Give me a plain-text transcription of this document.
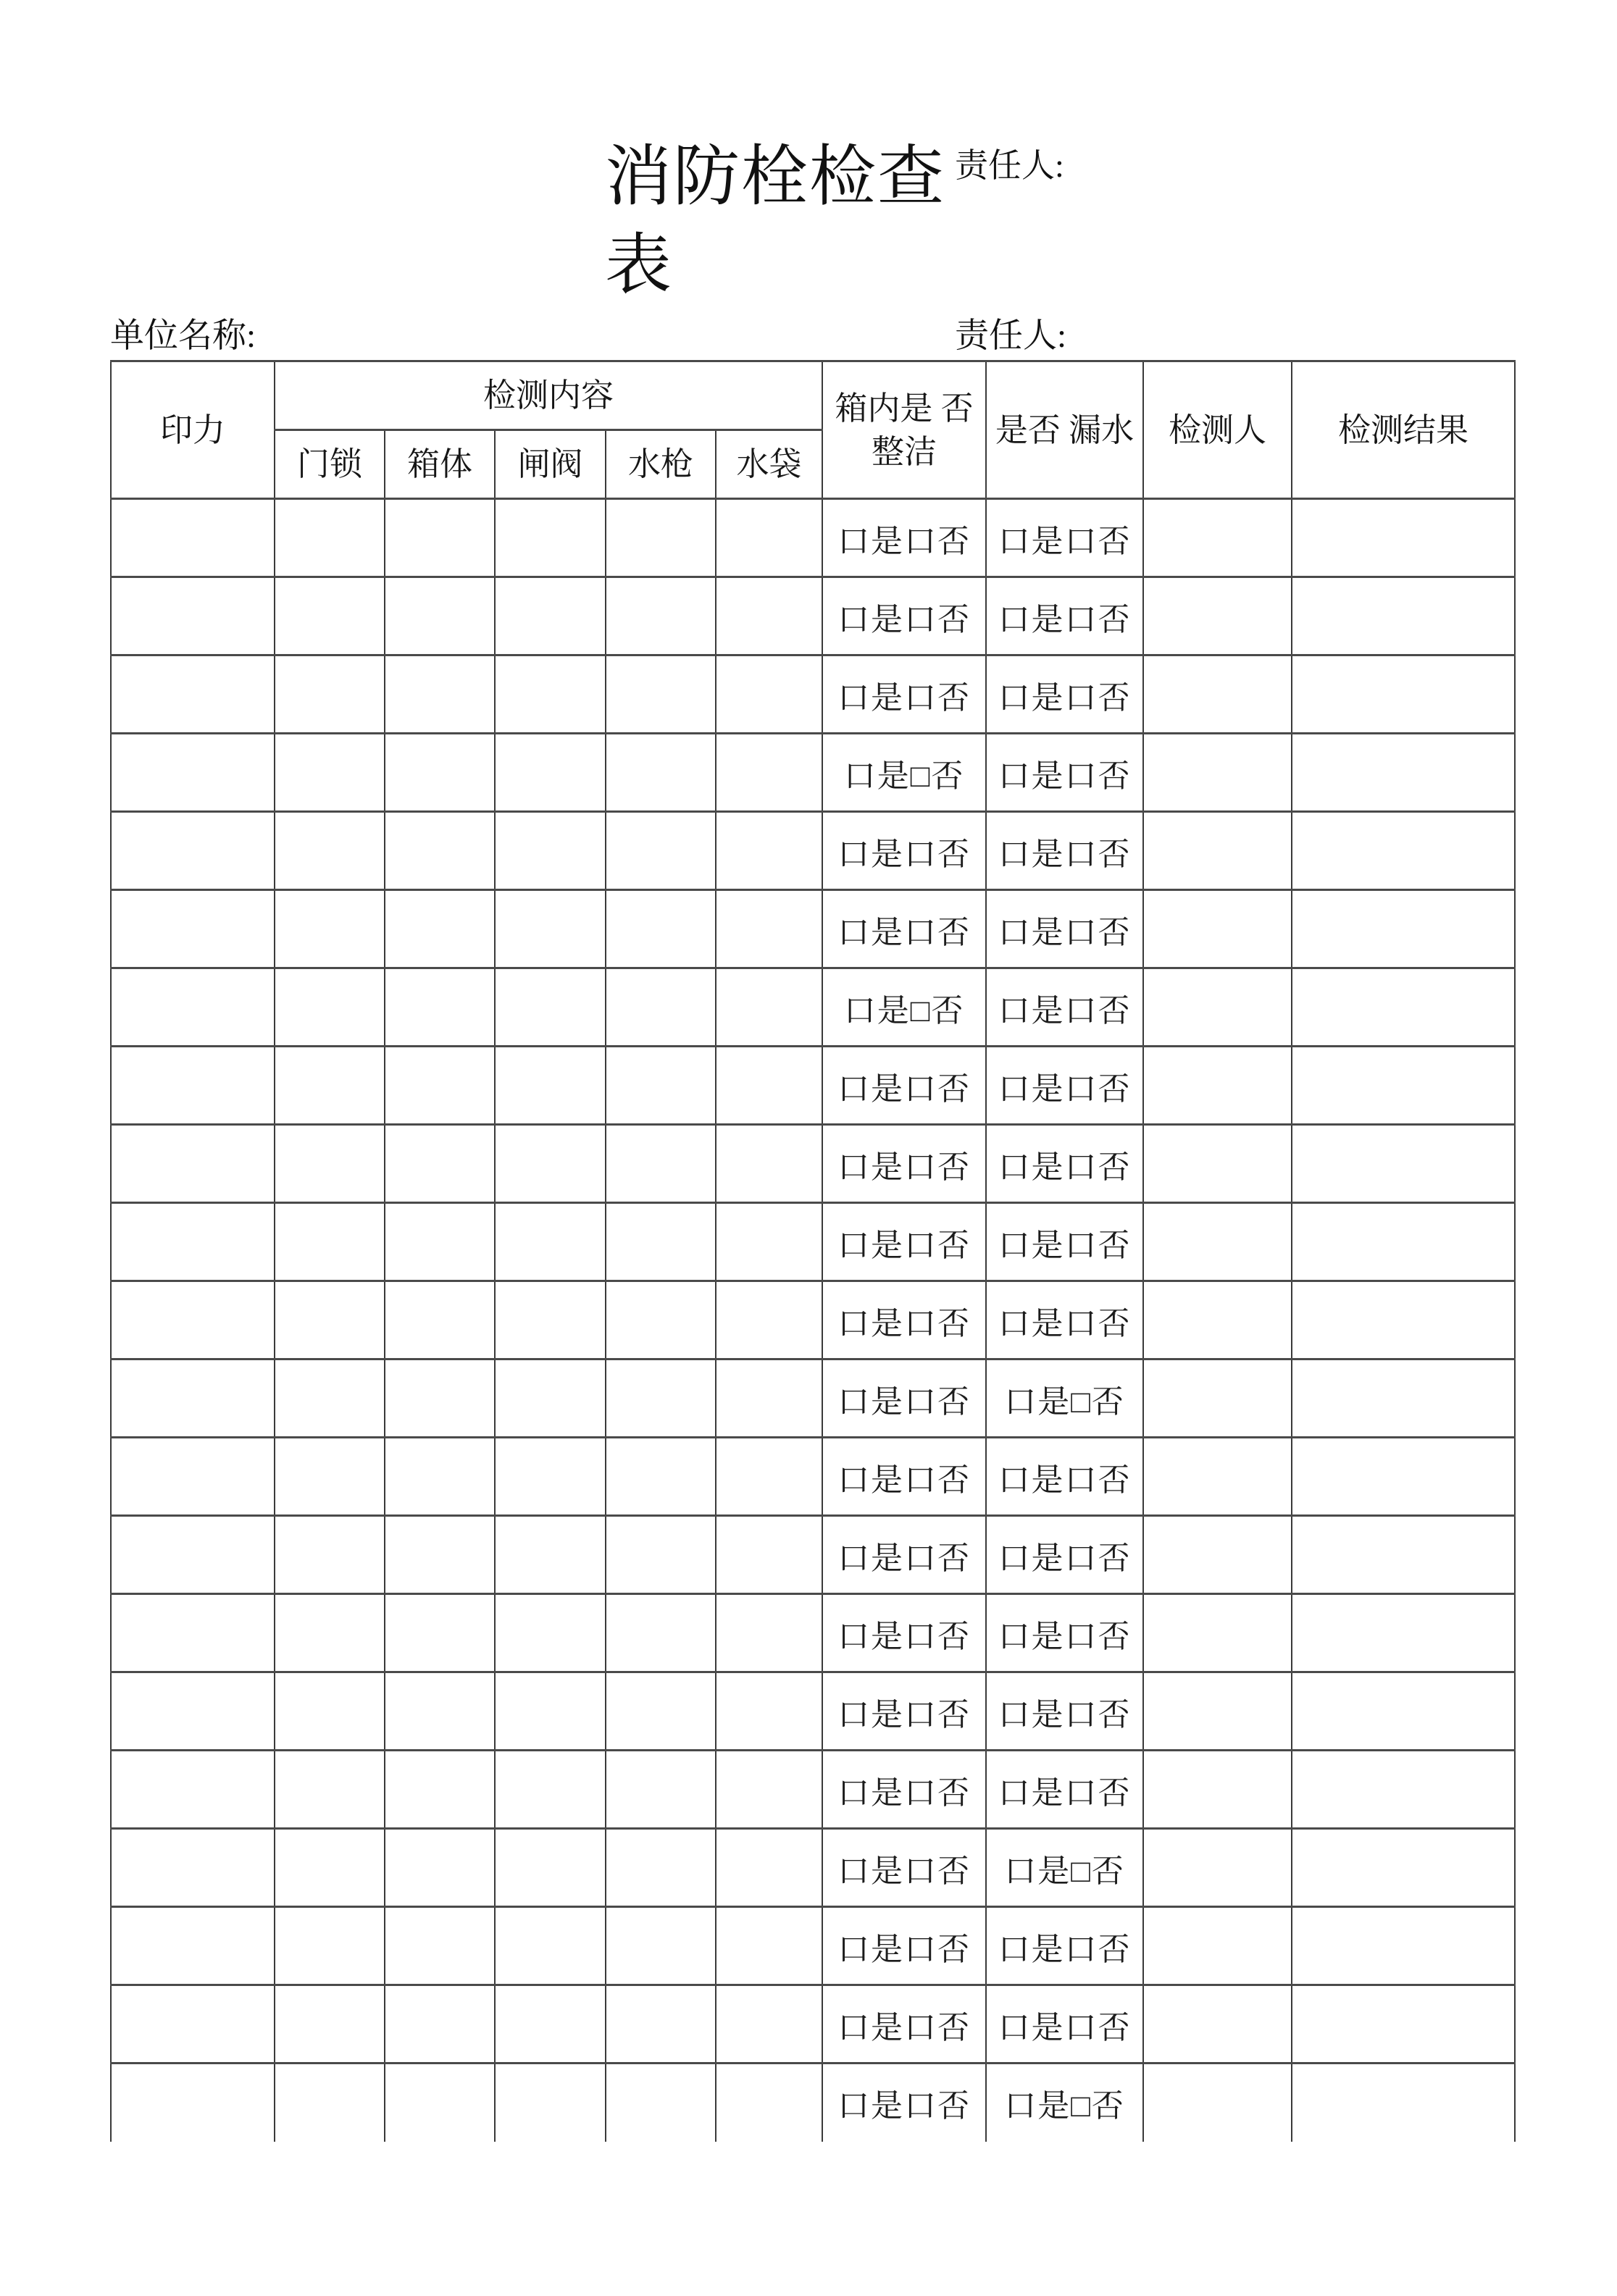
消防栓检查表
责任人:
单位名称:	责任人:
印力	检测内容					箱内是 否整洁	是否 漏水	检测人	检测结果
	门锁	箱体	闸阀	水枪	水袋				
						口是口否	口是口否		
						口是口否	口是口否		
						口是口否	口是口否		
						口是□否	口是口否		
						口是口否	口是口否		
						口是口否	口是口否		
						口是□否	口是口否		
						口是口否	口是口否		
						口是口否	口是口否		
						口是口否	口是口否		
						口是口否	口是口否		
						口是口否	口是□否		
						口是口否	口是口否		
						口是口否	口是口否		
						口是口否	口是口否		
						口是口否	口是口否		
						口是口否	口是口否		
						口是口否	口是□否		
						口是口否	口是口否		
						口是口否	口是口否		
						口是口否	口是□否		
